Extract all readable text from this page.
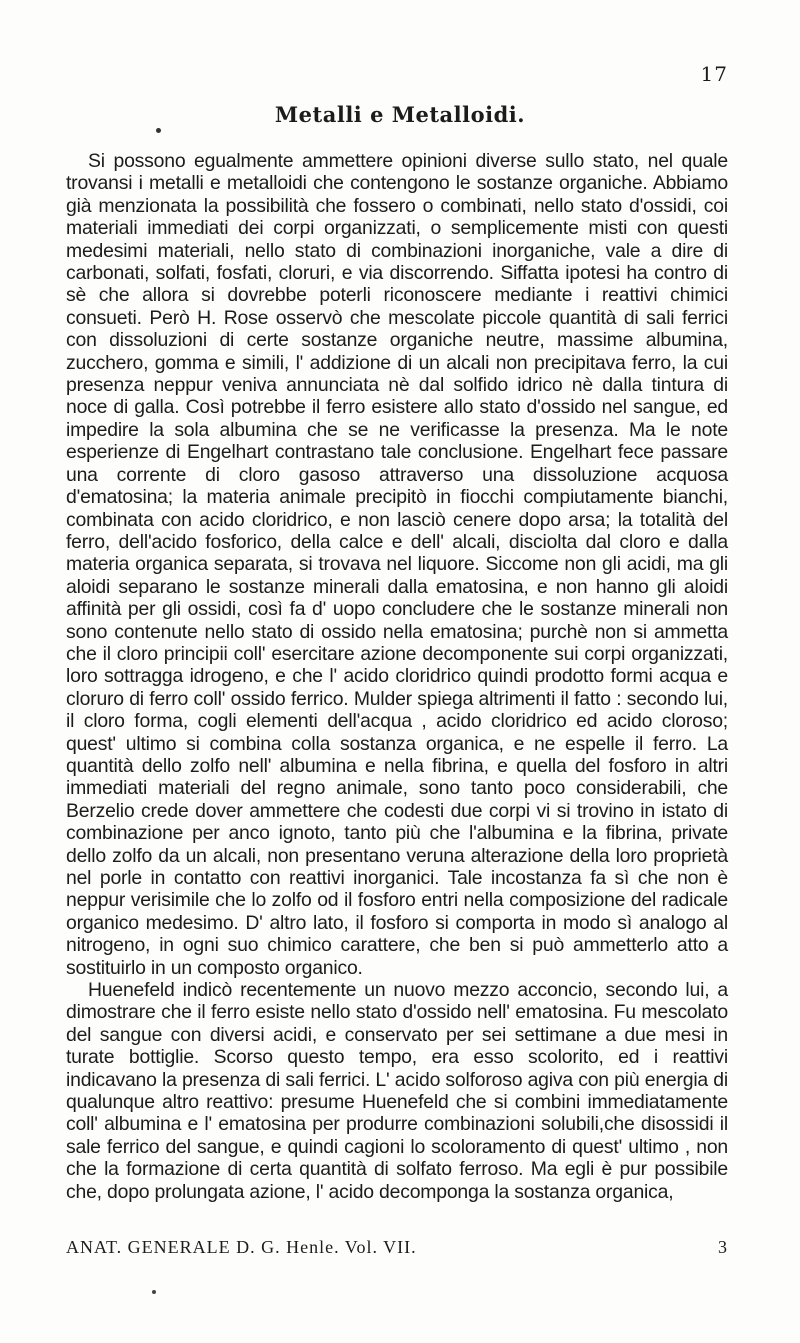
17
Metalli e Metalloidi.

Si possono egualmente ammettere opinioni diverse sullo stato, nel quale trovansi i metalli e metalloidi che contengono le sostanze organiche. Abbiamo già menzionata la possibilità che fossero o combinati, nello stato d'ossidi, coi materiali immediati dei corpi organizzati, o semplicemente misti con questi medesimi materiali, nello stato di combinazioni inorganiche, vale a dire di carbonati, solfati, fosfati, cloruri, e via discorrendo. Siffatta ipotesi ha contro di sè che allora si dovrebbe poterli riconoscere mediante i reattivi chimici consueti. Però H. Rose osservò che mescolate piccole quantità di sali ferrici con dissoluzioni di certe sostanze organiche neutre, massime albumina, zucchero, gomma e simili, l' addizione di un alcali non precipitava ferro, la cui presenza neppur veniva annunciata nè dal solfido idrico nè dalla tintura di noce di galla. Così potrebbe il ferro esistere allo stato d'ossido nel sangue, ed impedire la sola albumina che se ne verificasse la presenza. Ma le note esperienze di Engelhart contrastano tale conclusione. Engelhart fece passare una corrente di cloro gasoso attraverso una dissoluzione acquosa d'ematosina; la materia animale precipitò in fiocchi compiutamente bianchi, combinata con acido cloridrico, e non lasciò cenere dopo arsa; la totalità del ferro, dell'acido fosforico, della calce e dell' alcali, disciolta dal cloro e dalla materia organica separata, si trovava nel liquore. Siccome non gli acidi, ma gli aloidi separano le sostanze minerali dalla ematosina, e non hanno gli aloidi affinità per gli ossidi, così fa d' uopo concludere che le sostanze minerali non sono contenute nello stato di ossido nella ematosina; purchè non si ammetta che il cloro principii coll' esercitare azione decomponente sui corpi organizzati, loro sottragga idrogeno, e che l' acido cloridrico quindi prodotto formi acqua e cloruro di ferro coll' ossido ferrico. Mulder spiega altrimenti il fatto : secondo lui, il cloro forma, cogli elementi dell'acqua , acido cloridrico ed acido cloroso; quest' ultimo si combina colla sostanza organica, e ne espelle il ferro. La quantità dello zolfo nell' albumina e nella fibrina, e quella del fosforo in altri immediati materiali del regno animale, sono tanto poco considerabili, che Berzelio crede dover ammettere che codesti due corpi vi si trovino in istato di combinazione per anco ignoto, tanto più che l'albumina e la fibrina, private dello zolfo da un alcali, non presentano veruna alterazione della loro proprietà nel porle in contatto con reattivi inorganici. Tale incostanza fa sì che non è neppur verisimile che lo zolfo od il fosforo entri nella composizione del radicale organico medesimo. D' altro lato, il fosforo si comporta in modo sì analogo al nitrogeno, in ogni suo chimico carattere, che ben si può ammetterlo atto a sostituirlo in un composto organico.

Huenefeld indicò recentemente un nuovo mezzo acconcio, secondo lui, a dimostrare che il ferro esiste nello stato d'ossido nell' ematosina. Fu mescolato del sangue con diversi acidi, e conservato per sei settimane a due mesi in turate bottiglie. Scorso questo tempo, era esso scolorito, ed i reattivi indicavano la presenza di sali ferrici. L' acido solforoso agiva con più energia di qualunque altro reattivo: presume Huenefeld che si combini immediatamente coll' albumina e l' ematosina per produrre combinazioni solubili,che disossidi il sale ferrico del sangue, e quindi cagioni lo scoloramento di quest' ultimo , non che la formazione di certa quantità di solfato ferroso. Ma egli è pur possibile che, dopo prolungata azione, l' acido decomponga la sostanza organica,

ANAT. GENERALE D. G. Henle. Vol. VII.	3
